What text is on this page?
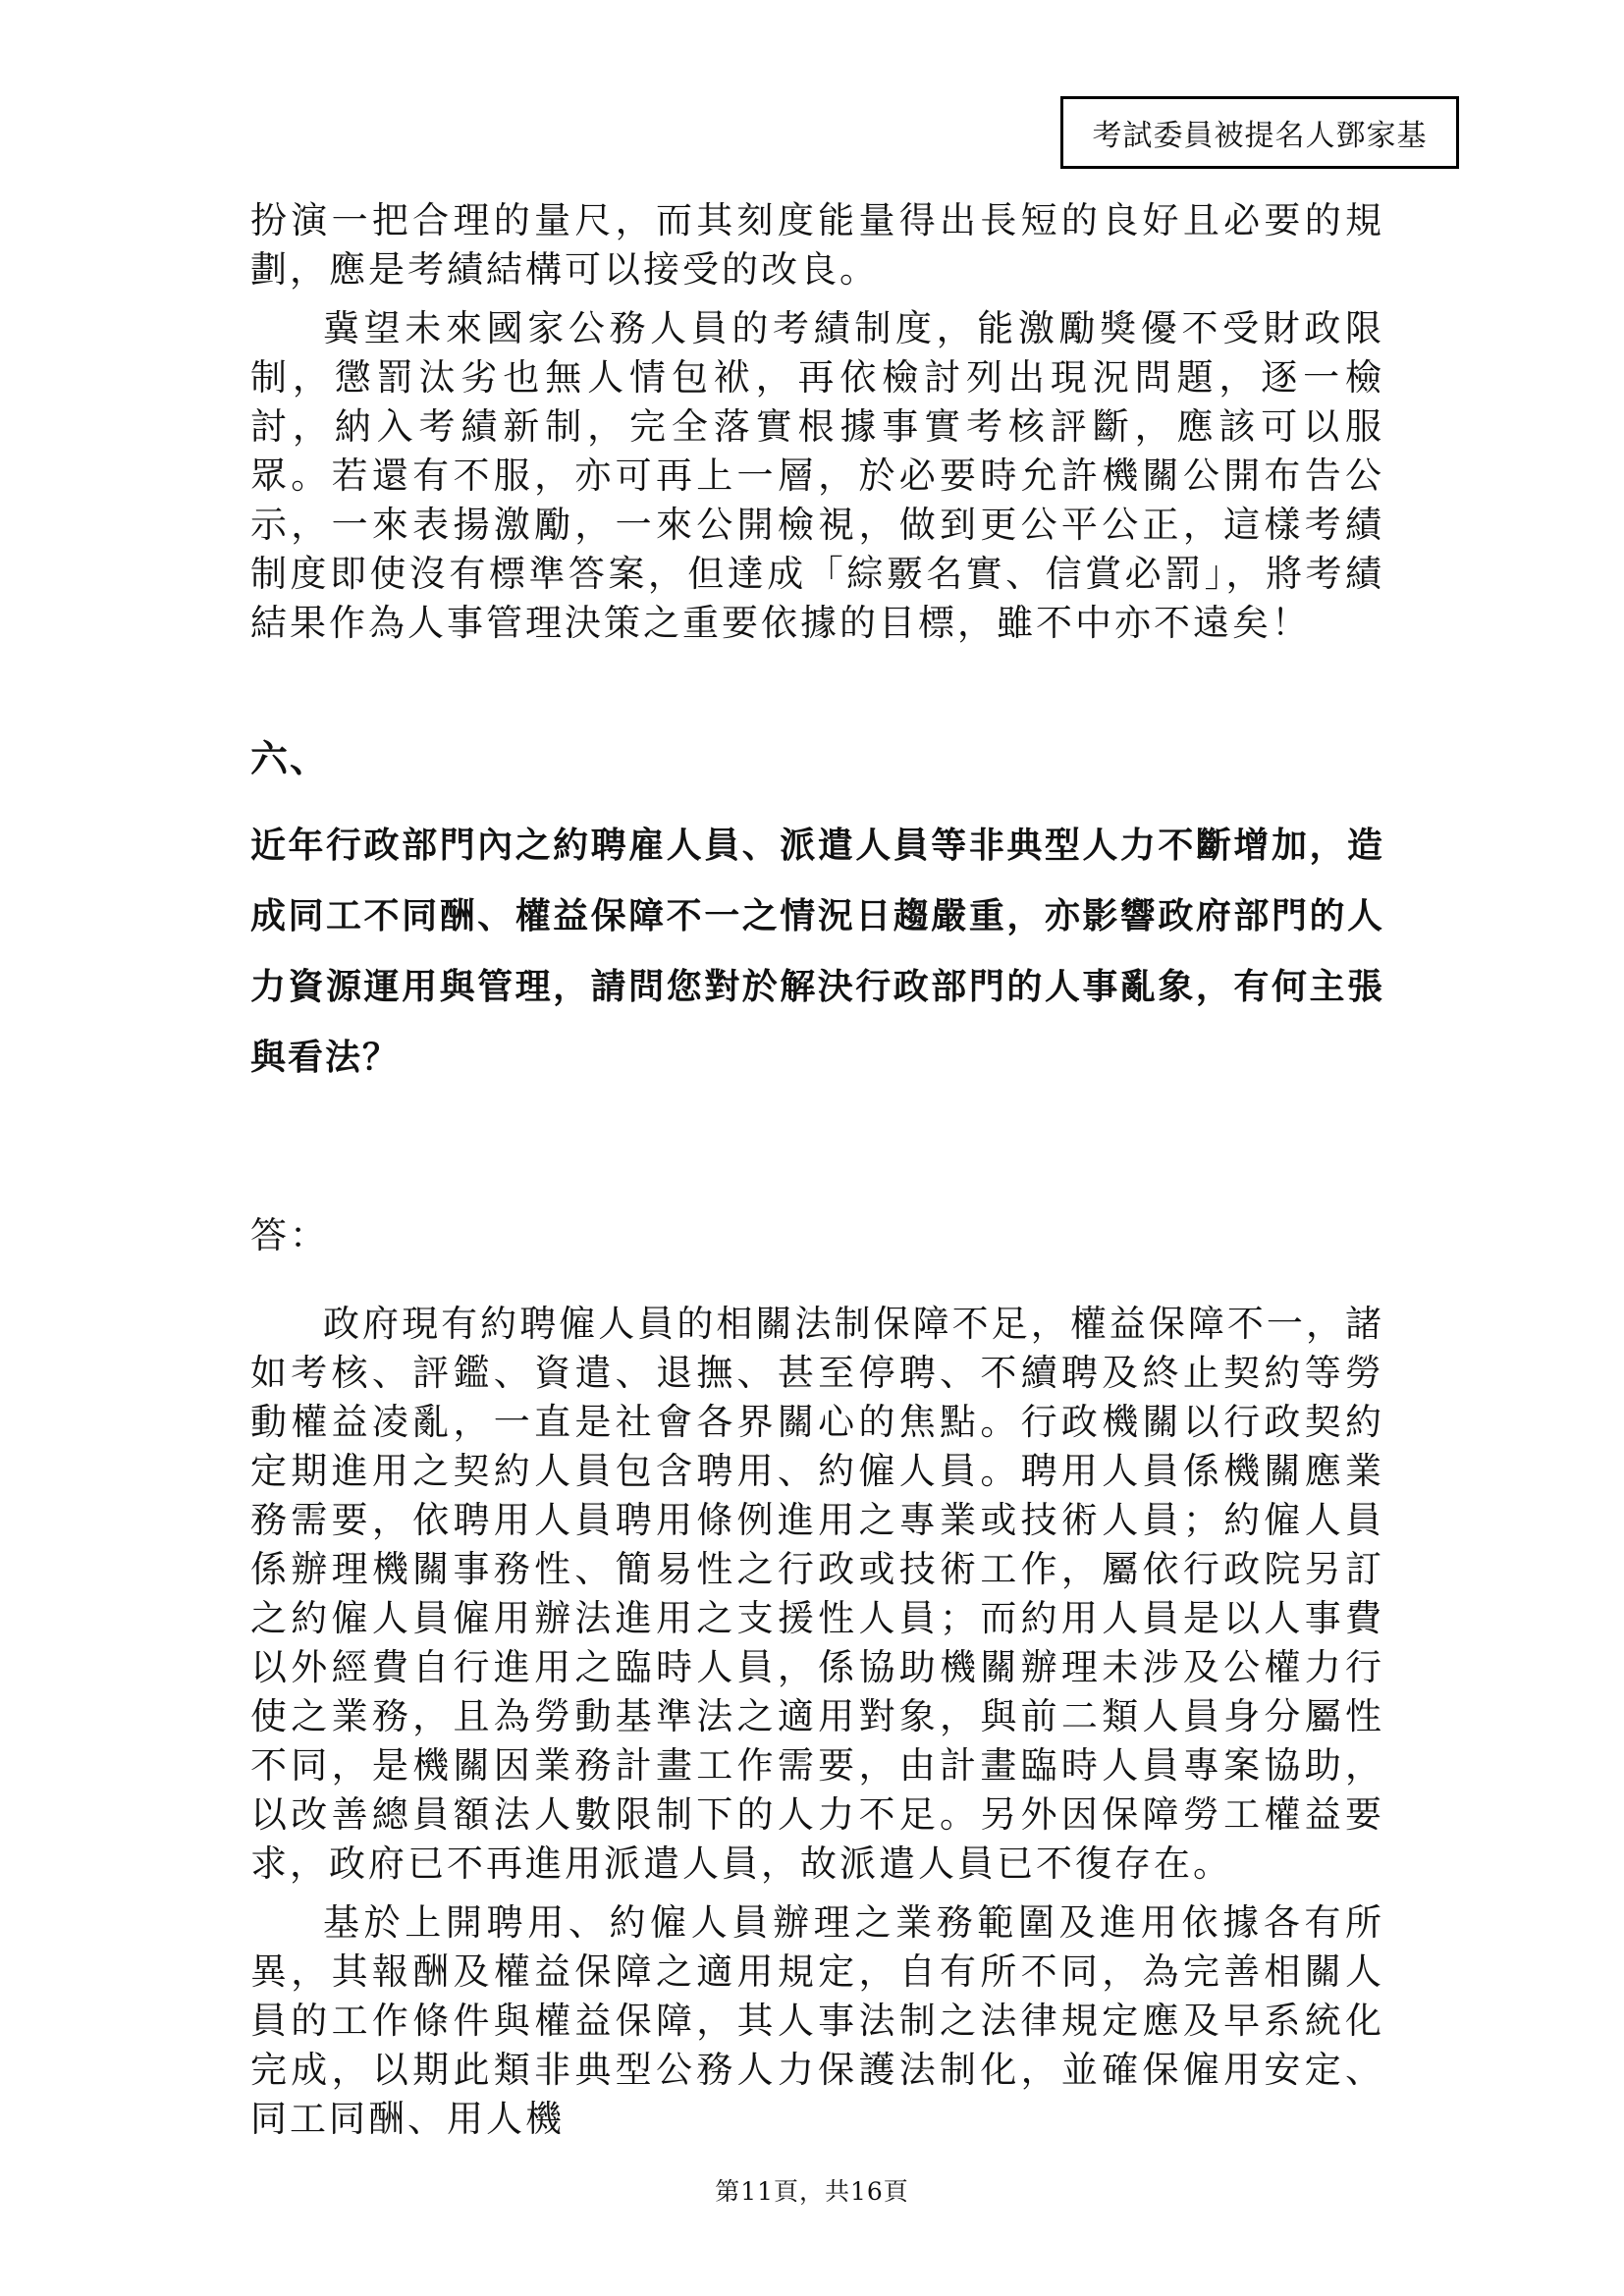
考試委員被提名人鄧家基

扮演一把合理的量尺，而其刻度能量得出長短的良好且必要的規劃，應是考績結構可以接受的改良。

冀望未來國家公務人員的考績制度，能激勵獎優不受財政限制，懲罰汰劣也無人情包袱，再依檢討列出現況問題，逐一檢討，納入考績新制，完全落實根據事實考核評斷，應該可以服眾。若還有不服，亦可再上一層，於必要時允許機關公開布告公示，一來表揚激勵，一來公開檢視，做到更公平公正，這樣考績制度即使沒有標準答案，但達成「綜覈名實、信賞必罰」，將考績結果作為人事管理決策之重要依據的目標，雖不中亦不遠矣！

六、
近年行政部門內之約聘雇人員、派遣人員等非典型人力不斷增加，造成同工不同酬、權益保障不一之情況日趨嚴重，亦影響政府部門的人力資源運用與管理，請問您對於解決行政部門的人事亂象，有何主張與看法？
答：

政府現有約聘僱人員的相關法制保障不足，權益保障不一，諸如考核、評鑑、資遣、退撫、甚至停聘、不續聘及終止契約等勞動權益凌亂，一直是社會各界關心的焦點。行政機關以行政契約定期進用之契約人員包含聘用、約僱人員。聘用人員係機關應業務需要，依聘用人員聘用條例進用之專業或技術人員；約僱人員係辦理機關事務性、簡易性之行政或技術工作，屬依行政院另訂之約僱人員僱用辦法進用之支援性人員；而約用人員是以人事費以外經費自行進用之臨時人員，係協助機關辦理未涉及公權力行使之業務，且為勞動基準法之適用對象，與前二類人員身分屬性不同，是機關因業務計畫工作需要，由計畫臨時人員專案協助，以改善總員額法人數限制下的人力不足。另外因保障勞工權益要求，政府已不再進用派遣人員，故派遣人員已不復存在。

基於上開聘用、約僱人員辦理之業務範圍及進用依據各有所異，其報酬及權益保障之適用規定，自有所不同，為完善相關人員的工作條件與權益保障，其人事法制之法律規定應及早系統化完成，以期此類非典型公務人力保護法制化，並確保僱用安定、同工同酬、用人機

第11頁，共16頁
